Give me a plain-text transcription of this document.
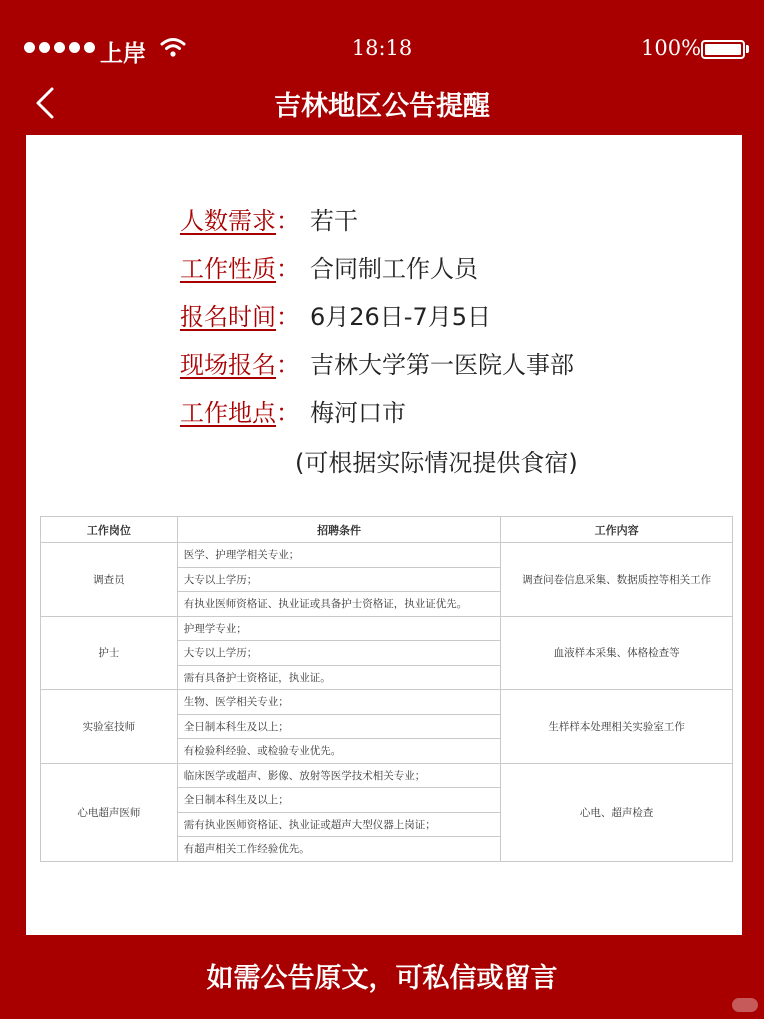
上岸	18:18	100%
吉林地区公告提醒
人数需求 ： 若干
工作性质 ： 合同制工作人员
报名时间 ： 6月26日-7月5日
现场报名 ： 吉林大学第一医院人事部
工作地点 ： 梅河口市
(可根据实际情况提供食宿)
工作岗位	招聘条件	工作内容
调查员	医学、护理学相关专业；	调查问卷信息采集、数据质控等相关工作
	大专以上学历；	
	有执业医师资格证、执业证或具备护士资格证，执业证优先。	
护士	护理学专业；	血液样本采集、体格检查等
	大专以上学历；	
	需有具备护士资格证，执业证。	
实验室技师	生物、医学相关专业；	生样样本处理相关实验室工作
	全日制本科生及以上；	
	有检验科经验、或检验专业优先。	
心电超声医师	临床医学或超声、影像、放射等医学技术相关专业；	心电、超声检查
	全日制本科生及以上；	
	需有执业医师资格证、执业证或超声大型仪器上岗证；	
	有超声相关工作经验优先。	
如需公告原文，可私信或留言
